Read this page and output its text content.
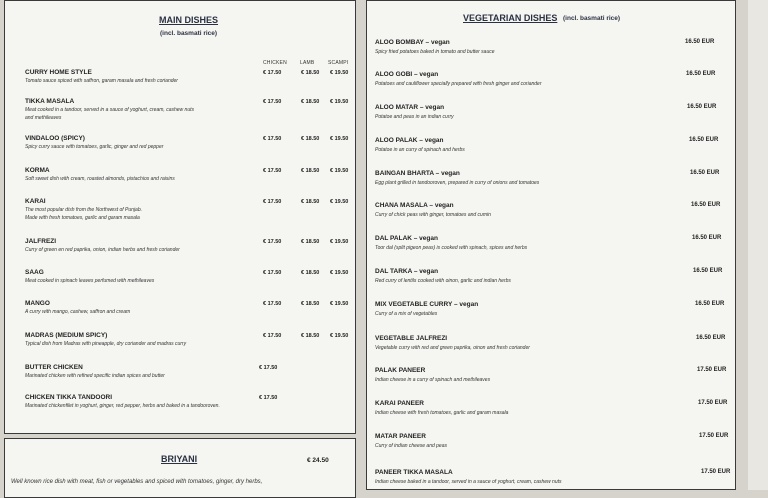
MAIN DISHES
(incl. basmati rice)
CHICKEN	LAMB	SCAMPI
CURRY HOME STYLE
Tomato sauce spiced with saffron, garam masala and fresh coriander
€ 17.50	€ 18.50 € 19.50
TIKKA MASALA
Meat cooked in a tandoor, served in a sauce of yoghurt, cream, cashew nuts
and methileaves
€ 17.50	€ 18.50 € 19.50
VINDALOO (SPICY)
Spicy curry sauce with tomatoes, garlic, ginger and red pepper
€ 17.50	€ 18.50 € 19.50
KORMA
Soft sweet dish with cream, roasted almonds, pistachios and raisins
€ 17.50	€ 18.50 € 19.50
KARAI
The most popular dish from the Northwest of Punjab.
Made with fresh tomatoes, garlic and garam masala
€ 17.50	€ 18.50 € 19.50
JALFREZI
Curry of green en red paprika, onion, indian herbs and fresh coriander
€ 17.50	€ 18.50 € 19.50
SAAG
Meat cooked in spinach leaves perfumed with methileaves
€ 17.50	€ 18.50 € 19.50
MANGO
A curry with mango, cashew, saffron and cream
€ 17.50	€ 18.50 € 19.50
MADRAS (MEDIUM SPICY)
Typical dish from Madras with pineapple, dry coriander and madras curry
€ 17.50	€ 18.50 € 19.50
BUTTER CHICKEN
Marinated chicken with refined specific indian spices and butter
€ 17.50
CHICKEN TIKKA TANDOORI
Marinated chickenfilet in yoghurt, ginger, red pepper, herbs and baked in a tandooroven.
€ 17.50
BRIYANI	€ 24.50
Well known rice dish with meat, fish or vegetables and spiced with tomatoes, ginger, dry herbs,
VEGETARIAN DISHES (incl. basmati rice)
ALOO BOMBAY – vegan
Spicy fried potatoes baked in tomato and butter sauce
16.50 EUR
ALOO GOBI – vegan
Potatoes and cauliflower specially prepared with fresh ginger and coriander
16.50 EUR
ALOO MATAR – vegan
Potatoe and peas in an indian curry
16.50 EUR
ALOO PALAK – vegan
Potatoe in an curry of spinach and herbs
16.50 EUR
BAINGAN BHARTA – vegan
Egg plant grilled in tandooroven, prepared in curry of onions and tomatoes
16.50 EUR
CHANA MASALA – vegan
Curry of chick peas with ginger, tomatoes and cumin
16.50 EUR
DAL PALAK – vegan
Toor dal (split pigeon peas) is cooked with spinach, spices and herbs
16.50 EUR
DAL TARKA – vegan
Red curry of lentils cooked with oinon, garlic and indian herbs
16.50 EUR
MIX VEGETABLE CURRY – vegan
Curry of a mix of vegetables
16.50 EUR
VEGETABLE JALFREZI
Vegetable curry with red and green paprika, oinon and fresh coriander
16.50 EUR
PALAK PANEER
Indian cheese in a curry of spinach and methileaves
17.50 EUR
KARAI PANEER
Indian cheese with fresh tomatoes, garlic and garam masala
17.50 EUR
MATAR PANEER
Curry of indian cheese and peas
17.50 EUR
PANEER TIKKA MASALA
Indian cheese baked in a tandoor, served in a sauce of yoghurt, cream, cashew nuts
17.50 EUR
